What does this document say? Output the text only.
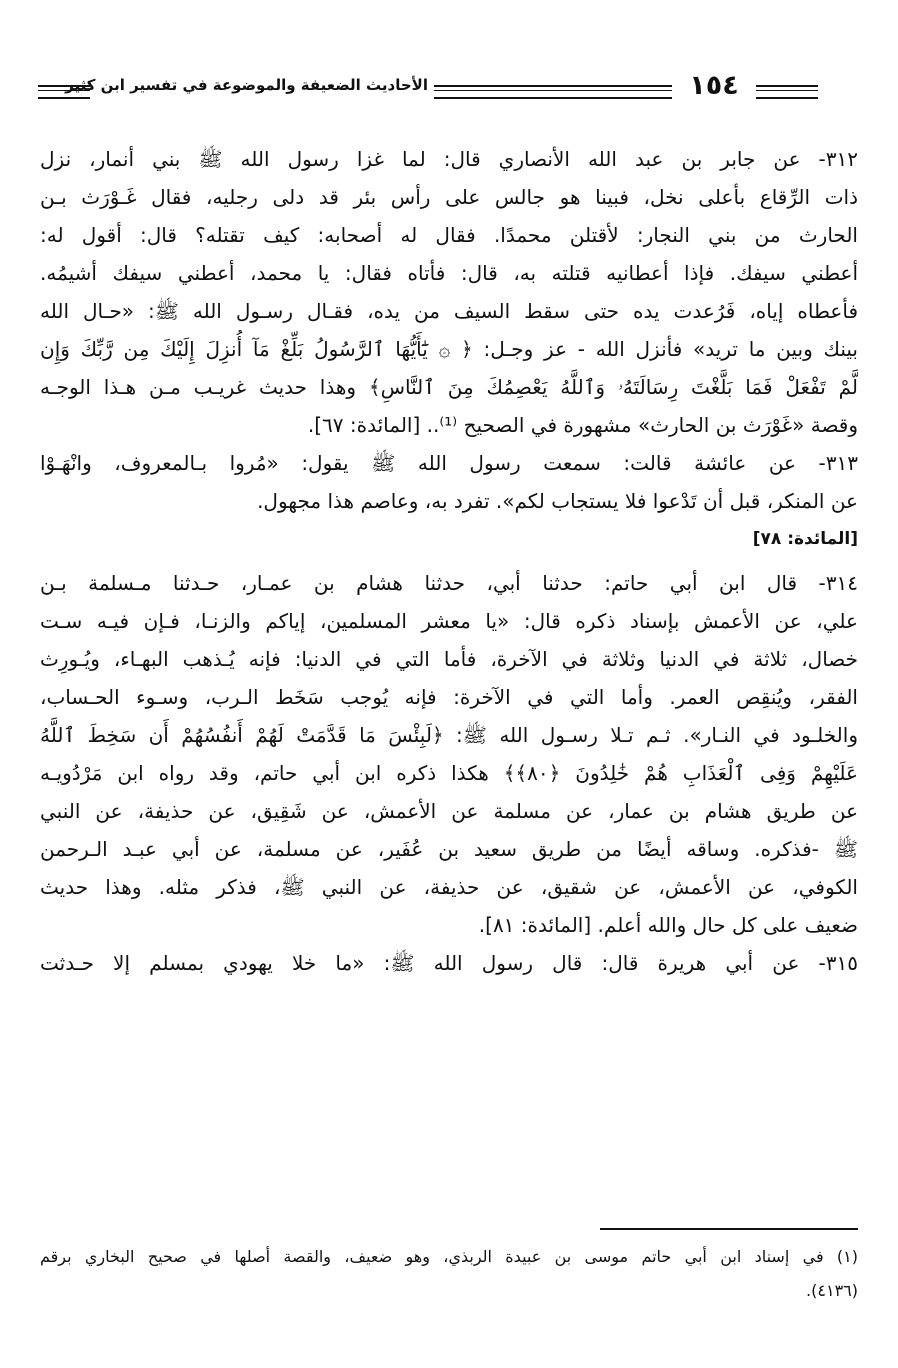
الأحاديث الضعيفة والموضوعة في تفسير ابن كثير	١٥٤
٣١٢- عن جابر بن عبد الله الأنصاري قال: لما غزا رسول الله ﷺ بني أنمار، نزل
ذات الرِّقاع بأعلى نخل، فبينا هو جالس على رأس بئر قد دلى رجليه، فقال غَـوْرَث بـن
الحارث من بني النجار: لأقتلن محمدًا. فقال له أصحابه: كيف تقتله؟ قال: أقول له:
أعطني سيفك. فإذا أعطانيه قتلته به، قال: فأتاه فقال: يا محمد، أعطني سيفك أشيمُه.
فأعطاه إياه، فَرُعدت يده حتى سقط السيف من يده، فقـال رسـول الله ﷺ: «حـال الله
بينك وبين ما تريد» فأنزل الله - عز وجـل: ﴿ ۞ يَٰٓأَيُّهَا ٱلرَّسُولُ بَلِّغْ مَآ أُنزِلَ إِلَيْكَ مِن رَّبِّكَ وَإِن
لَّمْ تَفْعَلْ فَمَا بَلَّغْتَ رِسَالَتَهُۥ وَٱللَّهُ يَعْصِمُكَ مِنَ ٱلنَّاسِ﴾ وهذا حديث غريـب مـن هـذا الوجـه
وقصة «غَوْرَث بن الحارث» مشهورة في الصحيح ⁽¹⁾.. [المائدة: ٦٧].
٣١٣- عن عائشة قالت: سمعت رسول الله ﷺ يقول: «مُروا بـالمعروف، وانْهَـوْا
عن المنكر، قبل أن تَدْعوا فلا يستجاب لكم». تفرد به، وعاصم هذا مجهول.
[المائدة: ٧٨]
٣١٤- قال ابن أبي حاتم: حدثنا أبي، حدثنا هشام بن عمـار، حـدثنا مـسلمة بـن
علي، عن الأعمش بإسناد ذكره قال: «يا معشر المسلمين، إياكم والزنـا، فـإن فيـه سـت
خصال، ثلاثة في الدنيا وثلاثة في الآخرة، فأما التي في الدنيا: فإنه يُـذهب البهـاء، ويُـورِث
الفقر، ويُنقِص العمر. وأما التي في الآخرة: فإنه يُوجب سَخَط الـرب، وسـوء الحـساب،
والخلـود في النـار». ثـم تـلا رسـول الله ﷺ: ﴿لَبِئْسَ مَا قَدَّمَتْ لَهُمْ أَنفُسُهُمْ أَن سَخِطَ ٱللَّهُ
عَلَيْهِمْ وَفِى ٱلْعَذَابِ هُمْ خَٰلِدُونَ ﴿٨٠﴾﴾ هكذا ذكره ابن أبي حاتم، وقد رواه ابن مَرْدُويـه
عن طريق هشام بن عمار، عن مسلمة عن الأعمش، عن شَقِيق، عن حذيفة، عن النبي
ﷺ -فذكره. وساقه أيضًا من طريق سعيد بن عُفَير، عن مسلمة، عن أبي عبـد الـرحمن
الكوفي، عن الأعمش، عن شقيق، عن حذيفة، عن النبي ﷺ، فذكر مثله. وهذا حديث
ضعيف على كل حال والله أعلم. [المائدة: ٨١].
٣١٥- عن أبي هريرة قال: قال رسول الله ﷺ: «ما خلا يهودي بمسلم إلا حـدثت
(١) في إسناد ابن أبي حاتم موسى بن عبيدة الربذي، وهو ضعيف، والقصة أصلها في صحيح البخاري برقم
(٤١٣٦).
